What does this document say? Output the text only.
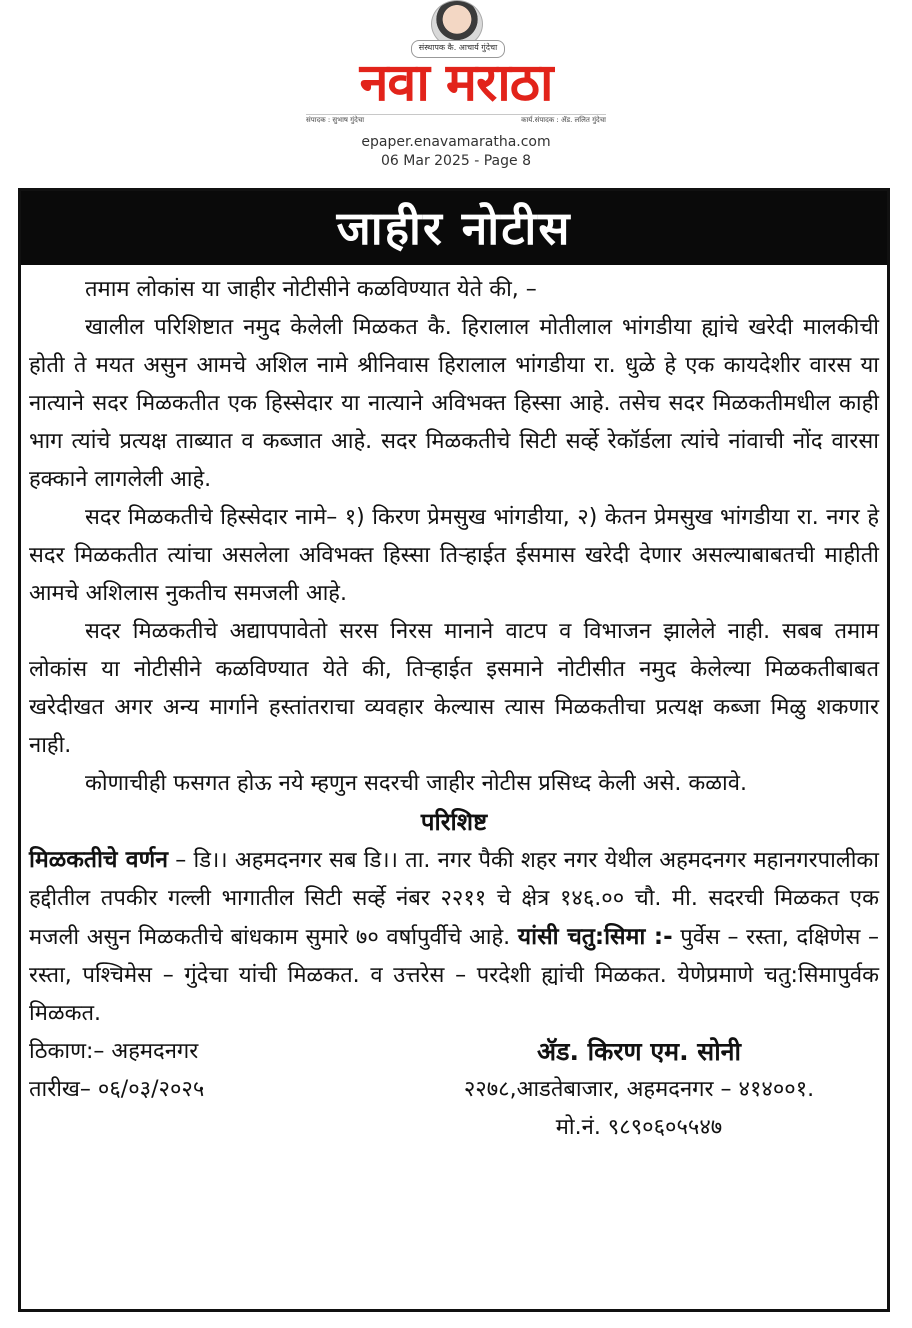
संस्थापक कै. आचार्य गुंदेचा
नवा मराठा
संपादक : सुभाष गुंदेचा	कार्य.संपादक : ॲड. ललित गुंदेचा
epaper.enavamaratha.com
06 Mar 2025 - Page 8
जाहीर नोटीस

तमाम लोकांस या जाहीर नोटीसीने कळविण्यात येते की, –

खालील परिशिष्टात नमुद केलेली मिळकत कै. हिरालाल मोतीलाल भांगडीया ह्यांचे खरेदी मालकीची होती ते मयत असुन आमचे अशिल नामे श्रीनिवास हिरालाल भांगडीया रा. धुळे हे एक कायदेशीर वारस या नात्याने सदर मिळकतीत एक हिस्सेदार या नात्याने अविभक्त हिस्सा आहे. तसेच सदर मिळकतीमधील काही भाग त्यांचे प्रत्यक्ष ताब्यात व कब्जात आहे. सदर मिळकतीचे सिटी सर्व्हे रेकॉर्डला त्यांचे नांवाची नोंद वारसा हक्काने लागलेली आहे.

सदर मिळकतीचे हिस्सेदार नामे– १) किरण प्रेमसुख भांगडीया, २) केतन प्रेमसुख भांगडीया रा. नगर हे सदर मिळकतीत त्यांचा असलेला अविभक्त हिस्सा तिऱ्हाईत ईसमास खरेदी देणार असल्याबाबतची माहीती आमचे अशिलास नुकतीच समजली आहे.

सदर मिळकतीचे अद्यापपावेतो सरस निरस मानाने वाटप व विभाजन झालेले नाही. सबब तमाम लोकांस या नोटीसीने कळविण्यात येते की, तिऱ्हाईत इसमाने नोटीसीत नमुद केलेल्या मिळकतीबाबत खरेदीखत अगर अन्य मार्गाने हस्तांतराचा व्यवहार केल्यास त्यास मिळकतीचा प्रत्यक्ष कब्जा मिळु शकणार नाही.

कोणाचीही फसगत होऊ नये म्हणुन सदरची जाहीर नोटीस प्रसिध्द केली असे. कळावे.

परिशिष्ट

मिळकतीचे वर्णन – डि।। अहमदनगर सब डि।। ता. नगर पैकी शहर नगर येथील अहमदनगर महानगरपालीका हद्दीतील तपकीर गल्ली भागातील सिटी सर्व्हे नंबर २२११ चे क्षेत्र १४६.०० चौ. मी. सदरची मिळकत एक मजली असुन मिळकतीचे बांधकाम सुमारे ७० वर्षापुर्वीचे आहे. यांसी चतु:सिमा :- पुर्वेस – रस्ता, दक्षिणेस – रस्ता, पश्चिमेस – गुंदेचा यांची मिळकत. व उत्तरेस – परदेशी ह्यांची मिळकत. येणेप्रमाणे चतु:सिमापुर्वक मिळकत.

ठिकाण:– अहमदनगर
तारीख– ०६/०३/२०२५
ॲड. किरण एम. सोनी
२२७८,आडतेबाजार, अहमदनगर – ४१४००१.
मो.नं. ९८९०६०५५४७
